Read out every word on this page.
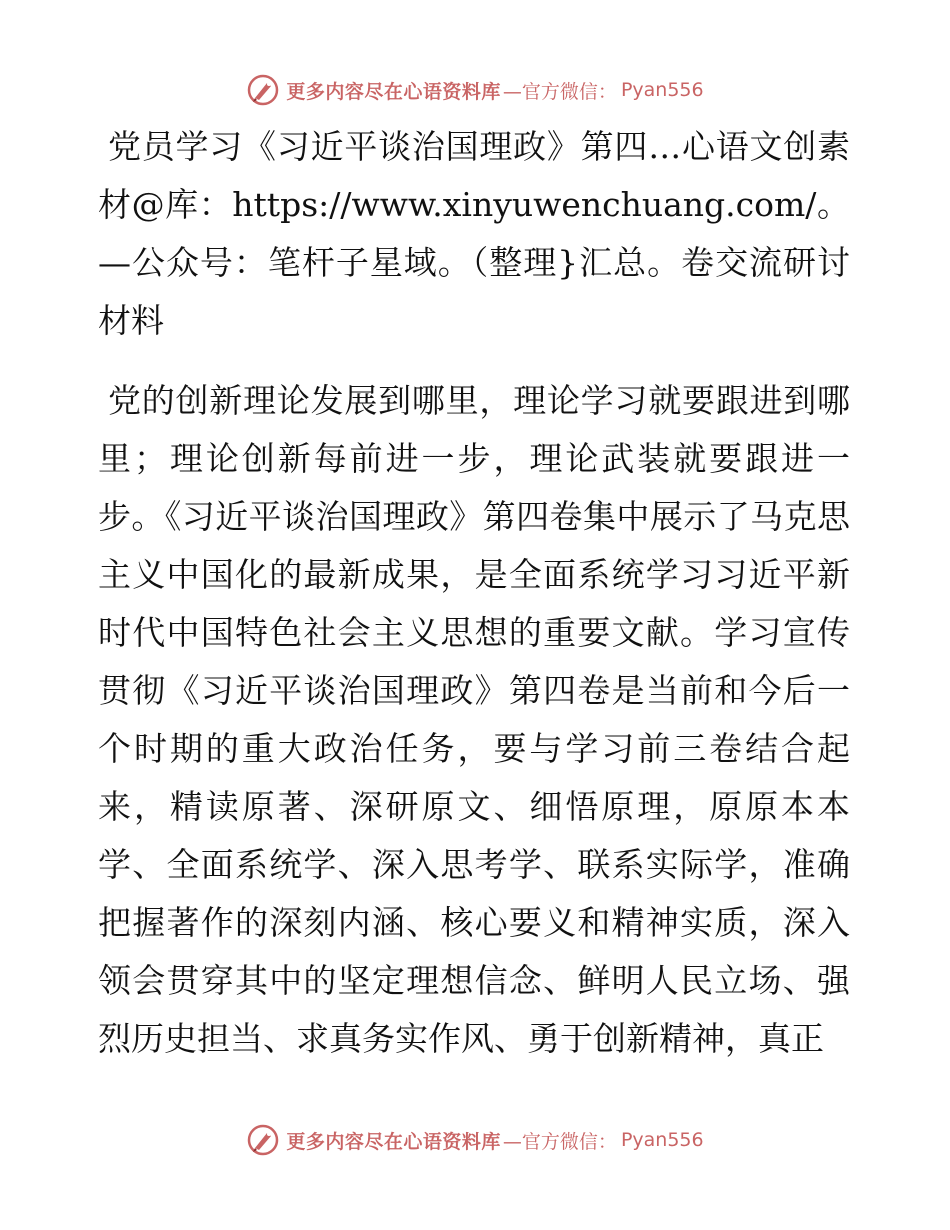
更多内容尽在心语资料库 —官方微信： Pyan556

党员学习《习近平谈治国理政》第四…心语文创素材@库：https://www.xinyuwenchuang.com/。—公众号：笔杆子星域。（整理}汇总。卷交流研讨材料

党的创新理论发展到哪里，理论学习就要跟进到哪里；理论创新每前进一步，理论武装就要跟进一步。《习近平谈治国理政》第四卷集中展示了马克思主义中国化的最新成果，是全面系统学习习近平新时代中国特色社会主义思想的重要文献。学习宣传贯彻《习近平谈治国理政》第四卷是当前和今后一个时期的重大政治任务，要与学习前三卷结合起来，精读原著、深研原文、细悟原理，原原本本学、全面系统学、深入思考学、联系实际学，准确把握著作的深刻内涵、核心要义和精神实质，深入领会贯穿其中的坚定理想信念、鲜明人民立场、强烈历史担当、求真务实作风、勇于创新精神，真正

更多内容尽在心语资料库 —官方微信： Pyan556
